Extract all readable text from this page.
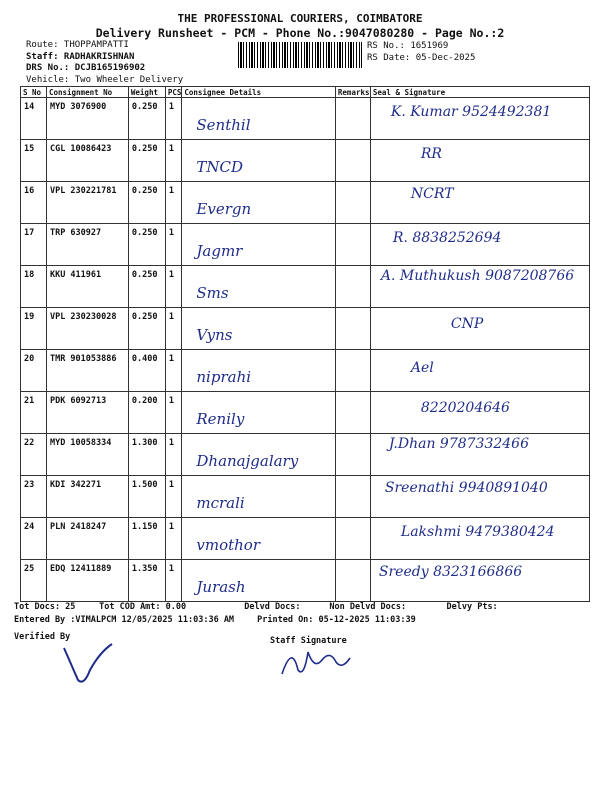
THE PROFESSIONAL COURIERS, COIMBATORE
Delivery Runsheet - PCM - Phone No.:9047080280 - Page No.:2
Route: THOPPAMPATTI
Staff: RADHAKRISHNAN
DRS No.: DCJB165196902
Vehicle: Two Wheeler Delivery
RS No.: 1651969
RS Date: 05-Dec-2025
S No	Consignment No	Weight	PCS	Consignee Details	Remarks	Seal & Signature
14	MYD 3076900	0.250	1	Senthil		K. Kumar 9524492381

15	CGL 10086423	0.250	1	TNCD		RR

16	VPL 230221781	0.250	1	Evergn		NCRT

17	TRP 630927	0.250	1	Jagmr		R. 8838252694

18	KKU 411961	0.250	1	Sms		A. Muthukush 9087208766

19	VPL 230230028	0.250	1	Vyns		CNP

20	TMR 901053886	0.400	1	niprahi		Ael

21	PDK 6092713	0.200	1	Renily		8220204646

22	MYD 10058334	1.300	1	Dhanajgalary		J.Dhan 9787332466

23	KDI 342271	1.500	1	mcrali		Sreenathi 9940891040

24	PLN 2418247	1.150	1	vmothor		Lakshmi 9479380424

25	EDQ 12411889	1.350	1	Jurash		Sreedy 8323166866
Tot Docs: 25	Tot COD Amt: 0.00	Delvd Docs:	Non Delvd Docs:	Delvy Pts:
Entered By :VIMALPCM 12/05/2025 11:03:36 AM	Printed On: 05-12-2025 11:03:39
Verified By	Staff Signature
